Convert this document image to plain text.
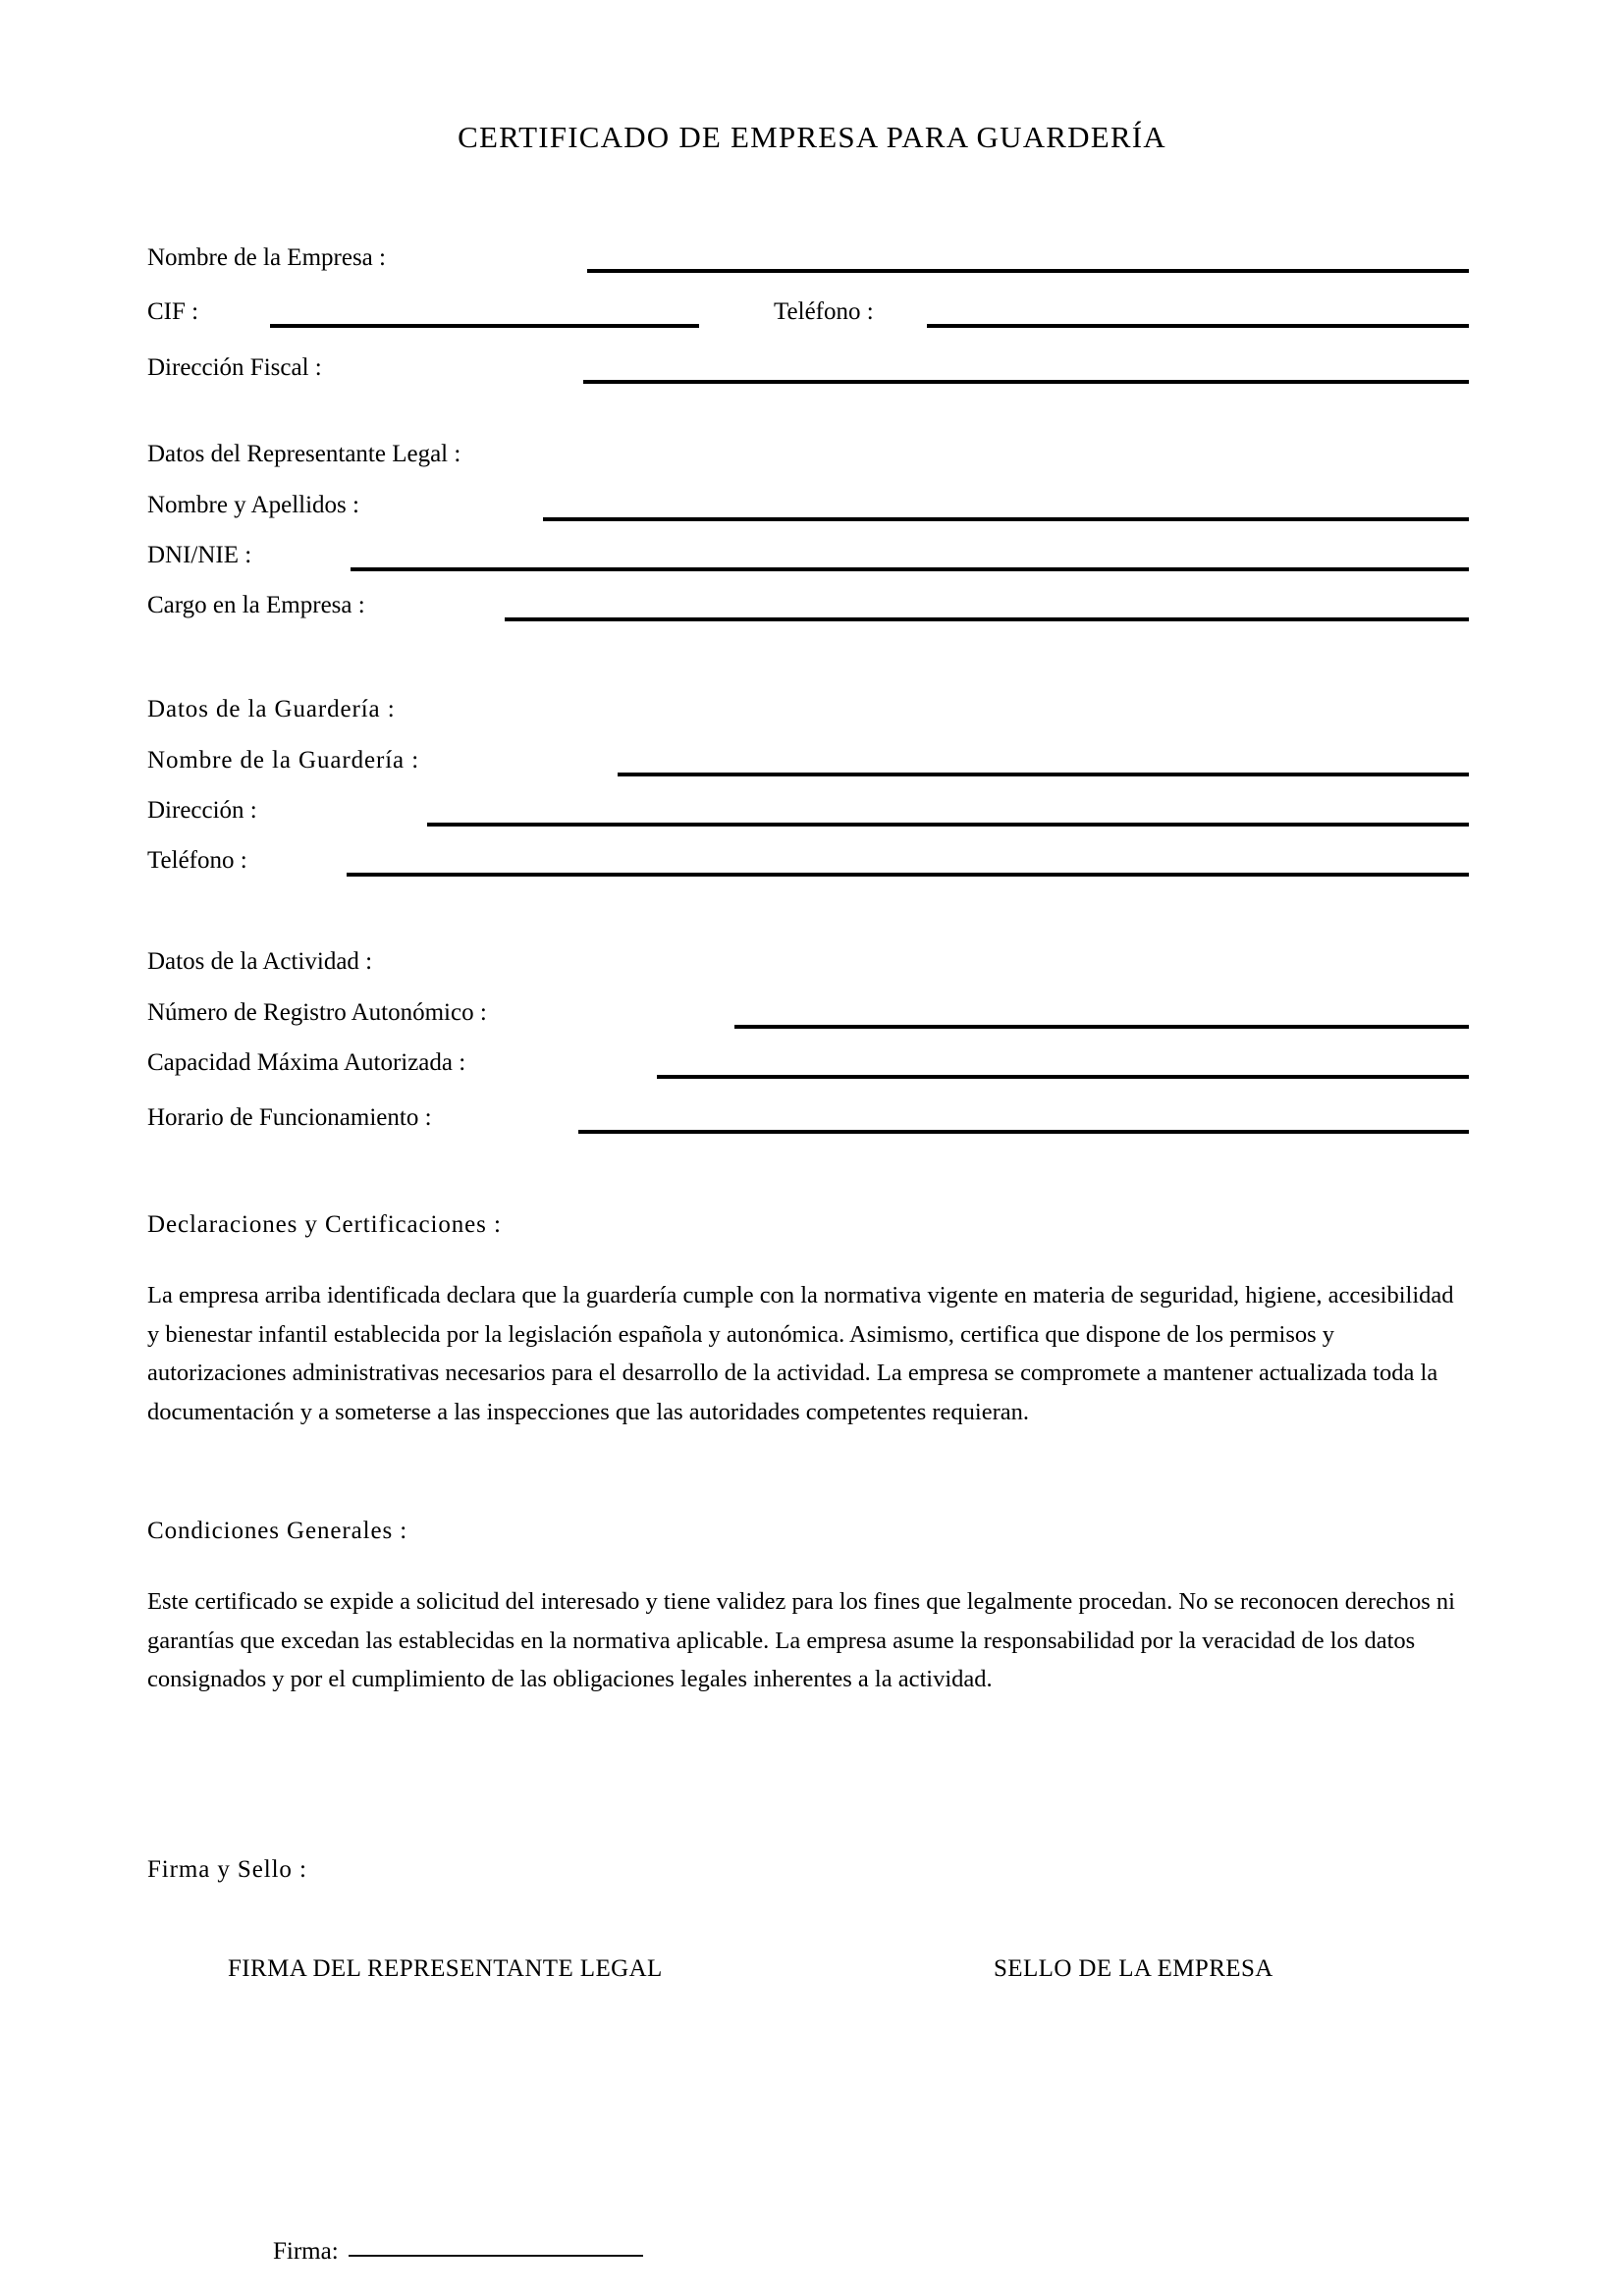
CERTIFICADO DE EMPRESA PARA GUARDERÍA
Nombre de la Empresa :
CIF :	Teléfono :
Dirección Fiscal :
Datos del Representante Legal :
Nombre y Apellidos :
DNI/NIE :
Cargo en la Empresa :
Datos de la Guardería :
Nombre de la Guardería :
Dirección :
Teléfono :
Datos de la Actividad :
Número de Registro Autonómico :
Capacidad Máxima Autorizada :
Horario de Funcionamiento :
Declaraciones y Certificaciones :
La empresa arriba identificada declara que la guardería cumple con la normativa vigente en materia de seguridad, higiene, accesibilidad y bienestar infantil establecida por la legislación española y autonómica. Asimismo, certifica que dispone de los permisos y autorizaciones administrativas necesarios para el desarrollo de la actividad. La empresa se compromete a mantener actualizada toda la documentación y a someterse a las inspecciones que las autoridades competentes requieran.
Condiciones Generales :
Este certificado se expide a solicitud del interesado y tiene validez para los fines que legalmente procedan. No se reconocen derechos ni garantías que excedan las establecidas en la normativa aplicable. La empresa asume la responsabilidad por la veracidad de los datos consignados y por el cumplimiento de las obligaciones legales inherentes a la actividad.
Firma y Sello :
FIRMA DEL REPRESENTANTE LEGAL	SELLO DE LA EMPRESA
Firma:
